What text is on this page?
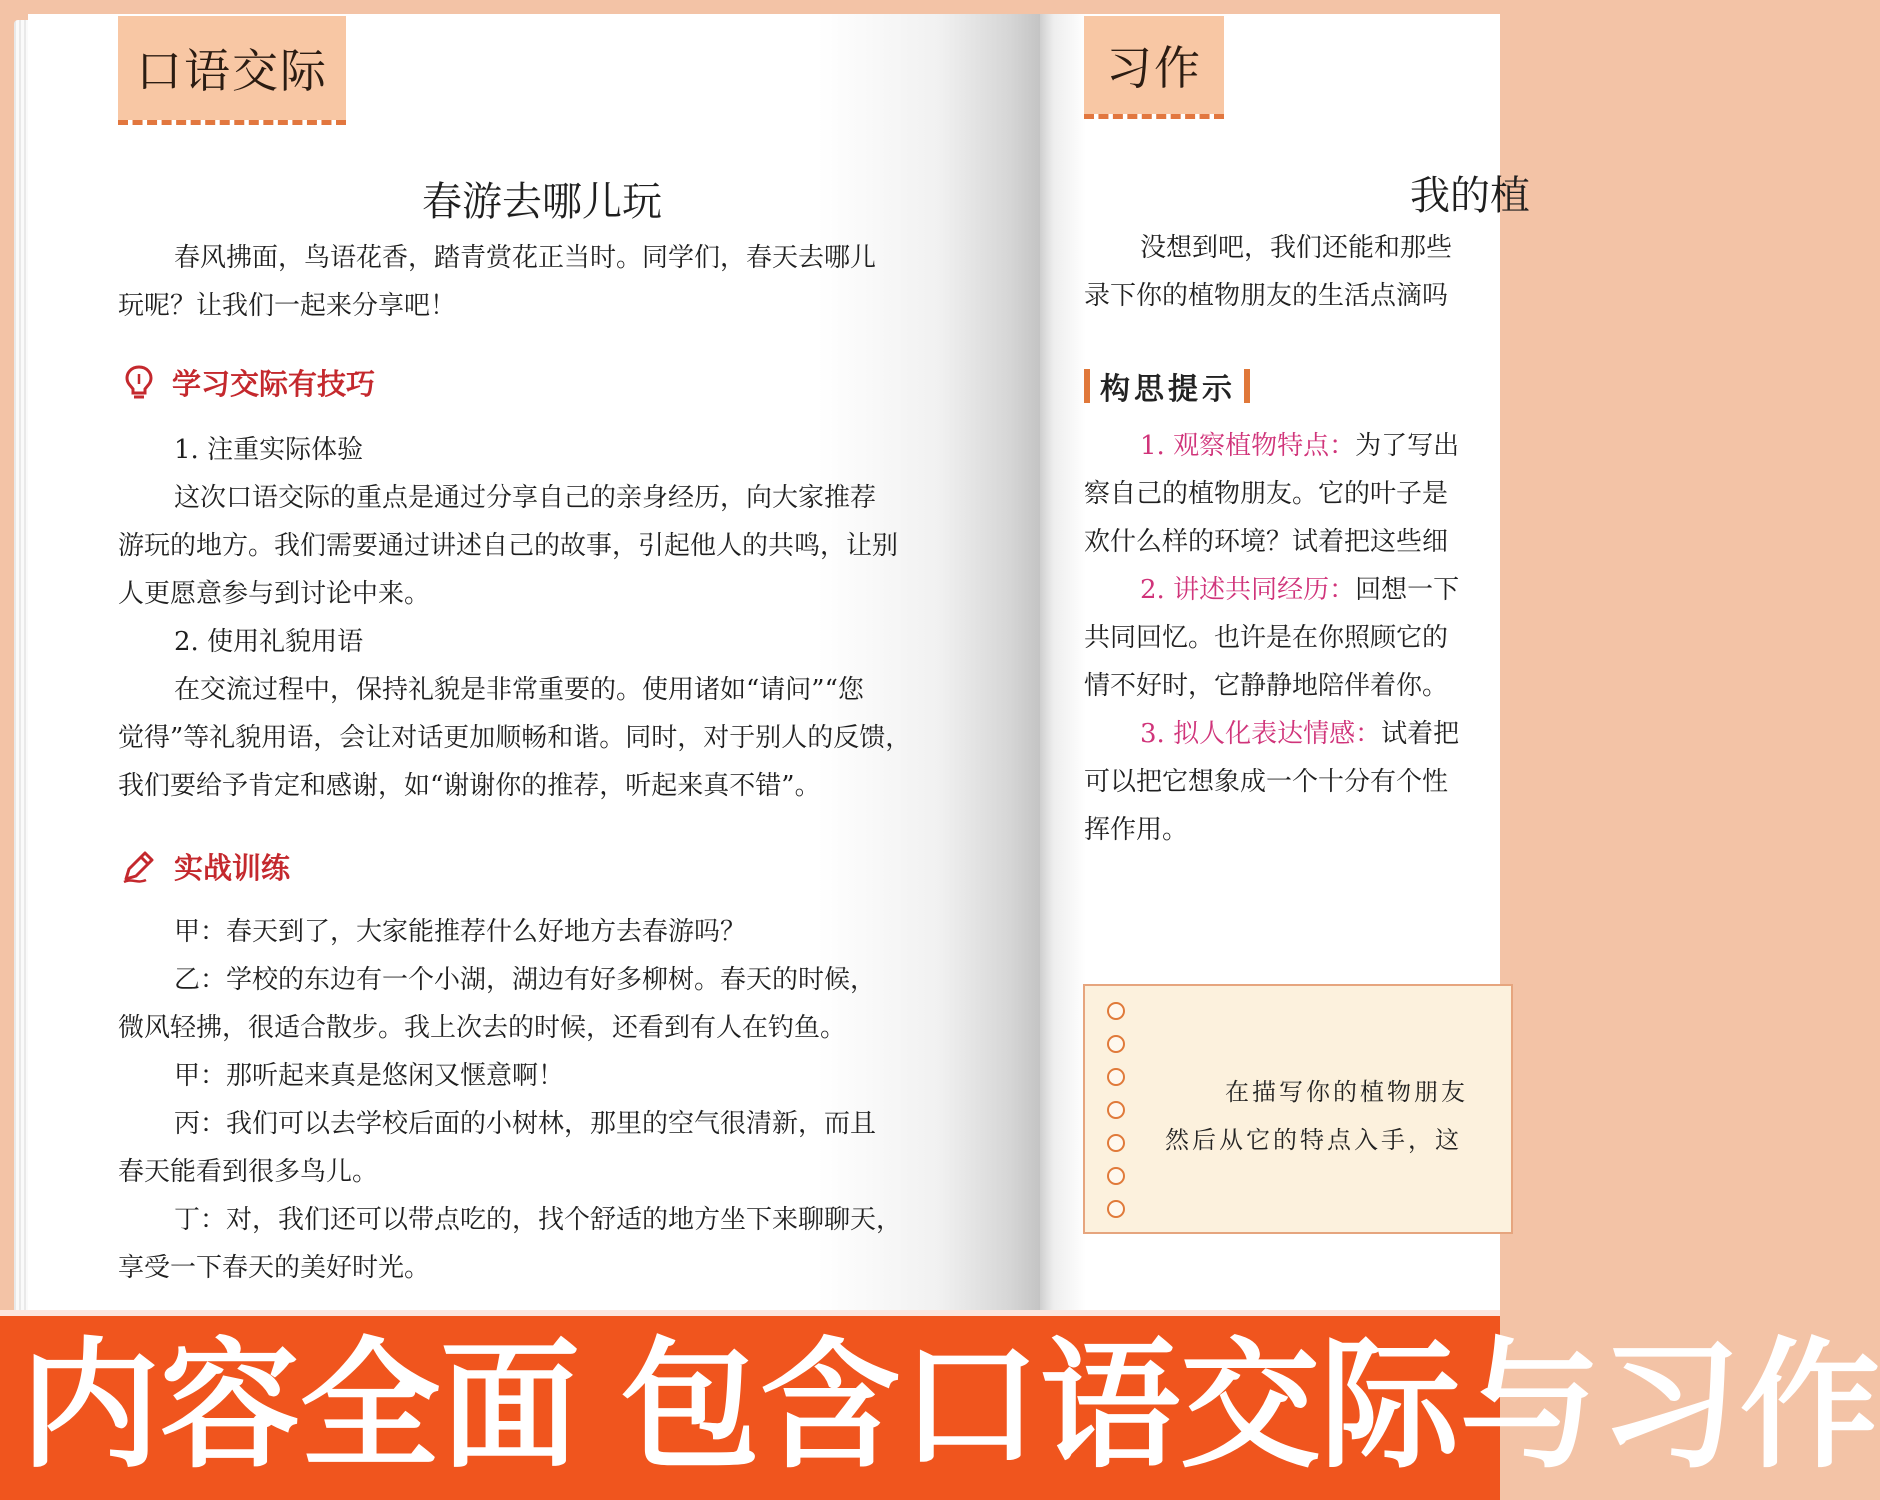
口语交际
春游去哪儿玩
春风拂面，鸟语花香，踏青赏花正当时。同学们，春天去哪儿
玩呢？让我们一起来分享吧！
学习交际有技巧
1. 注重实际体验
这次口语交际的重点是通过分享自己的亲身经历，向大家推荐
游玩的地方。我们需要通过讲述自己的故事，引起他人的共鸣，让别
人更愿意参与到讨论中来。
2. 使用礼貌用语
在交流过程中，保持礼貌是非常重要的。使用诸如“请问”“您
觉得”等礼貌用语，会让对话更加顺畅和谐。同时，对于别人的反馈，
我们要给予肯定和感谢，如“谢谢你的推荐，听起来真不错”。
实战训练
甲：春天到了，大家能推荐什么好地方去春游吗？
乙：学校的东边有一个小湖，湖边有好多柳树。春天的时候，
微风轻拂，很适合散步。我上次去的时候，还看到有人在钓鱼。
甲：那听起来真是悠闲又惬意啊！
丙：我们可以去学校后面的小树林，那里的空气很清新，而且
春天能看到很多鸟儿。
丁：对，我们还可以带点吃的，找个舒适的地方坐下来聊聊天，
享受一下春天的美好时光。
习作
我的植
没想到吧，我们还能和那些
录下你的植物朋友的生活点滴吗
构思提示
1. 观察植物特点：为了写出
察自己的植物朋友。它的叶子是
欢什么样的环境？试着把这些细
2. 讲述共同经历：回想一下
共同回忆。也许是在你照顾它的
情不好时，它静静地陪伴着你。
3. 拟人化表达情感：试着把
可以把它想象成一个十分有个性
挥作用。
在描写你的植物朋友
然后从它的特点入手，这
内容全面 包含口语交际与习作
